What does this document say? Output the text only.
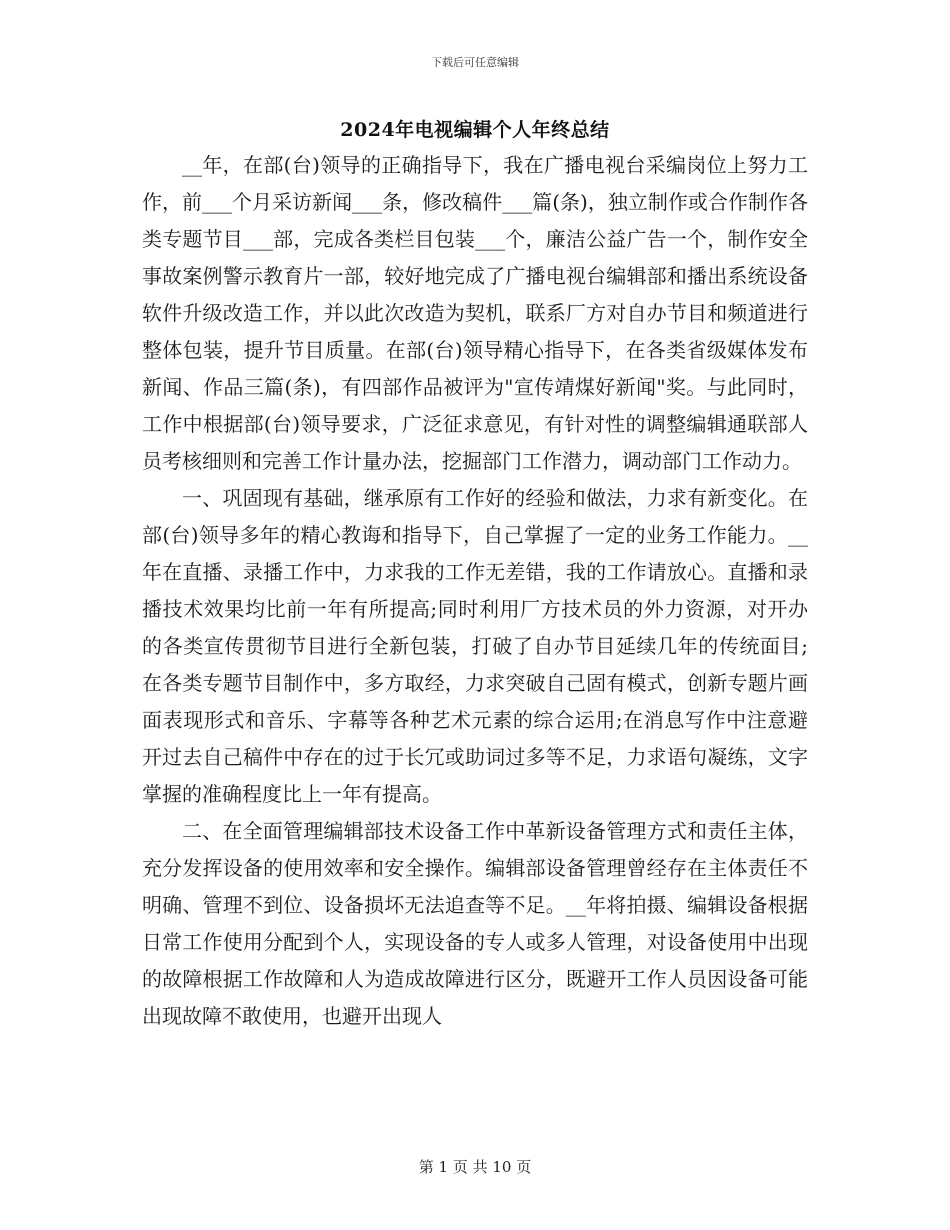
下载后可任意编辑
2024年电视编辑个人年终总结

__年，在部(台)领导的正确指导下，我在广播电视台采编岗位上努力工作，前___个月采访新闻___条，修改稿件___篇(条)，独立制作或合作制作各类专题节目___部，完成各类栏目包装___个，廉洁公益广告一个，制作安全事故案例警示教育片一部，较好地完成了广播电视台编辑部和播出系统设备软件升级改造工作，并以此次改造为契机，联系厂方对自办节目和频道进行整体包装，提升节目质量。在部(台)领导精心指导下，在各类省级媒体发布新闻、作品三篇(条)，有四部作品被评为"宣传靖煤好新闻"奖。与此同时，工作中根据部(台)领导要求，广泛征求意见，有针对性的调整编辑通联部人员考核细则和完善工作计量办法，挖掘部门工作潜力，调动部门工作动力。

一、巩固现有基础，继承原有工作好的经验和做法，力求有新变化。在部(台)领导多年的精心教诲和指导下，自己掌握了一定的业务工作能力。__年在直播、录播工作中，力求我的工作无差错，我的工作请放心。直播和录播技术效果均比前一年有所提高;同时利用厂方技术员的外力资源，对开办的各类宣传贯彻节目进行全新包装，打破了自办节目延续几年的传统面目;在各类专题节目制作中，多方取经，力求突破自己固有模式，创新专题片画面表现形式和音乐、字幕等各种艺术元素的综合运用;在消息写作中注意避开过去自己稿件中存在的过于长冗或助词过多等不足，力求语句凝练，文字掌握的准确程度比上一年有提高。

二、在全面管理编辑部技术设备工作中革新设备管理方式和责任主体，充分发挥设备的使用效率和安全操作。编辑部设备管理曾经存在主体责任不明确、管理不到位、设备损坏无法追查等不足。__年将拍摄、编辑设备根据日常工作使用分配到个人，实现设备的专人或多人管理，对设备使用中出现的故障根据工作故障和人为造成故障进行区分，既避开工作人员因设备可能出现故障不敢使用，也避开出现人

第 1 页 共 10 页
